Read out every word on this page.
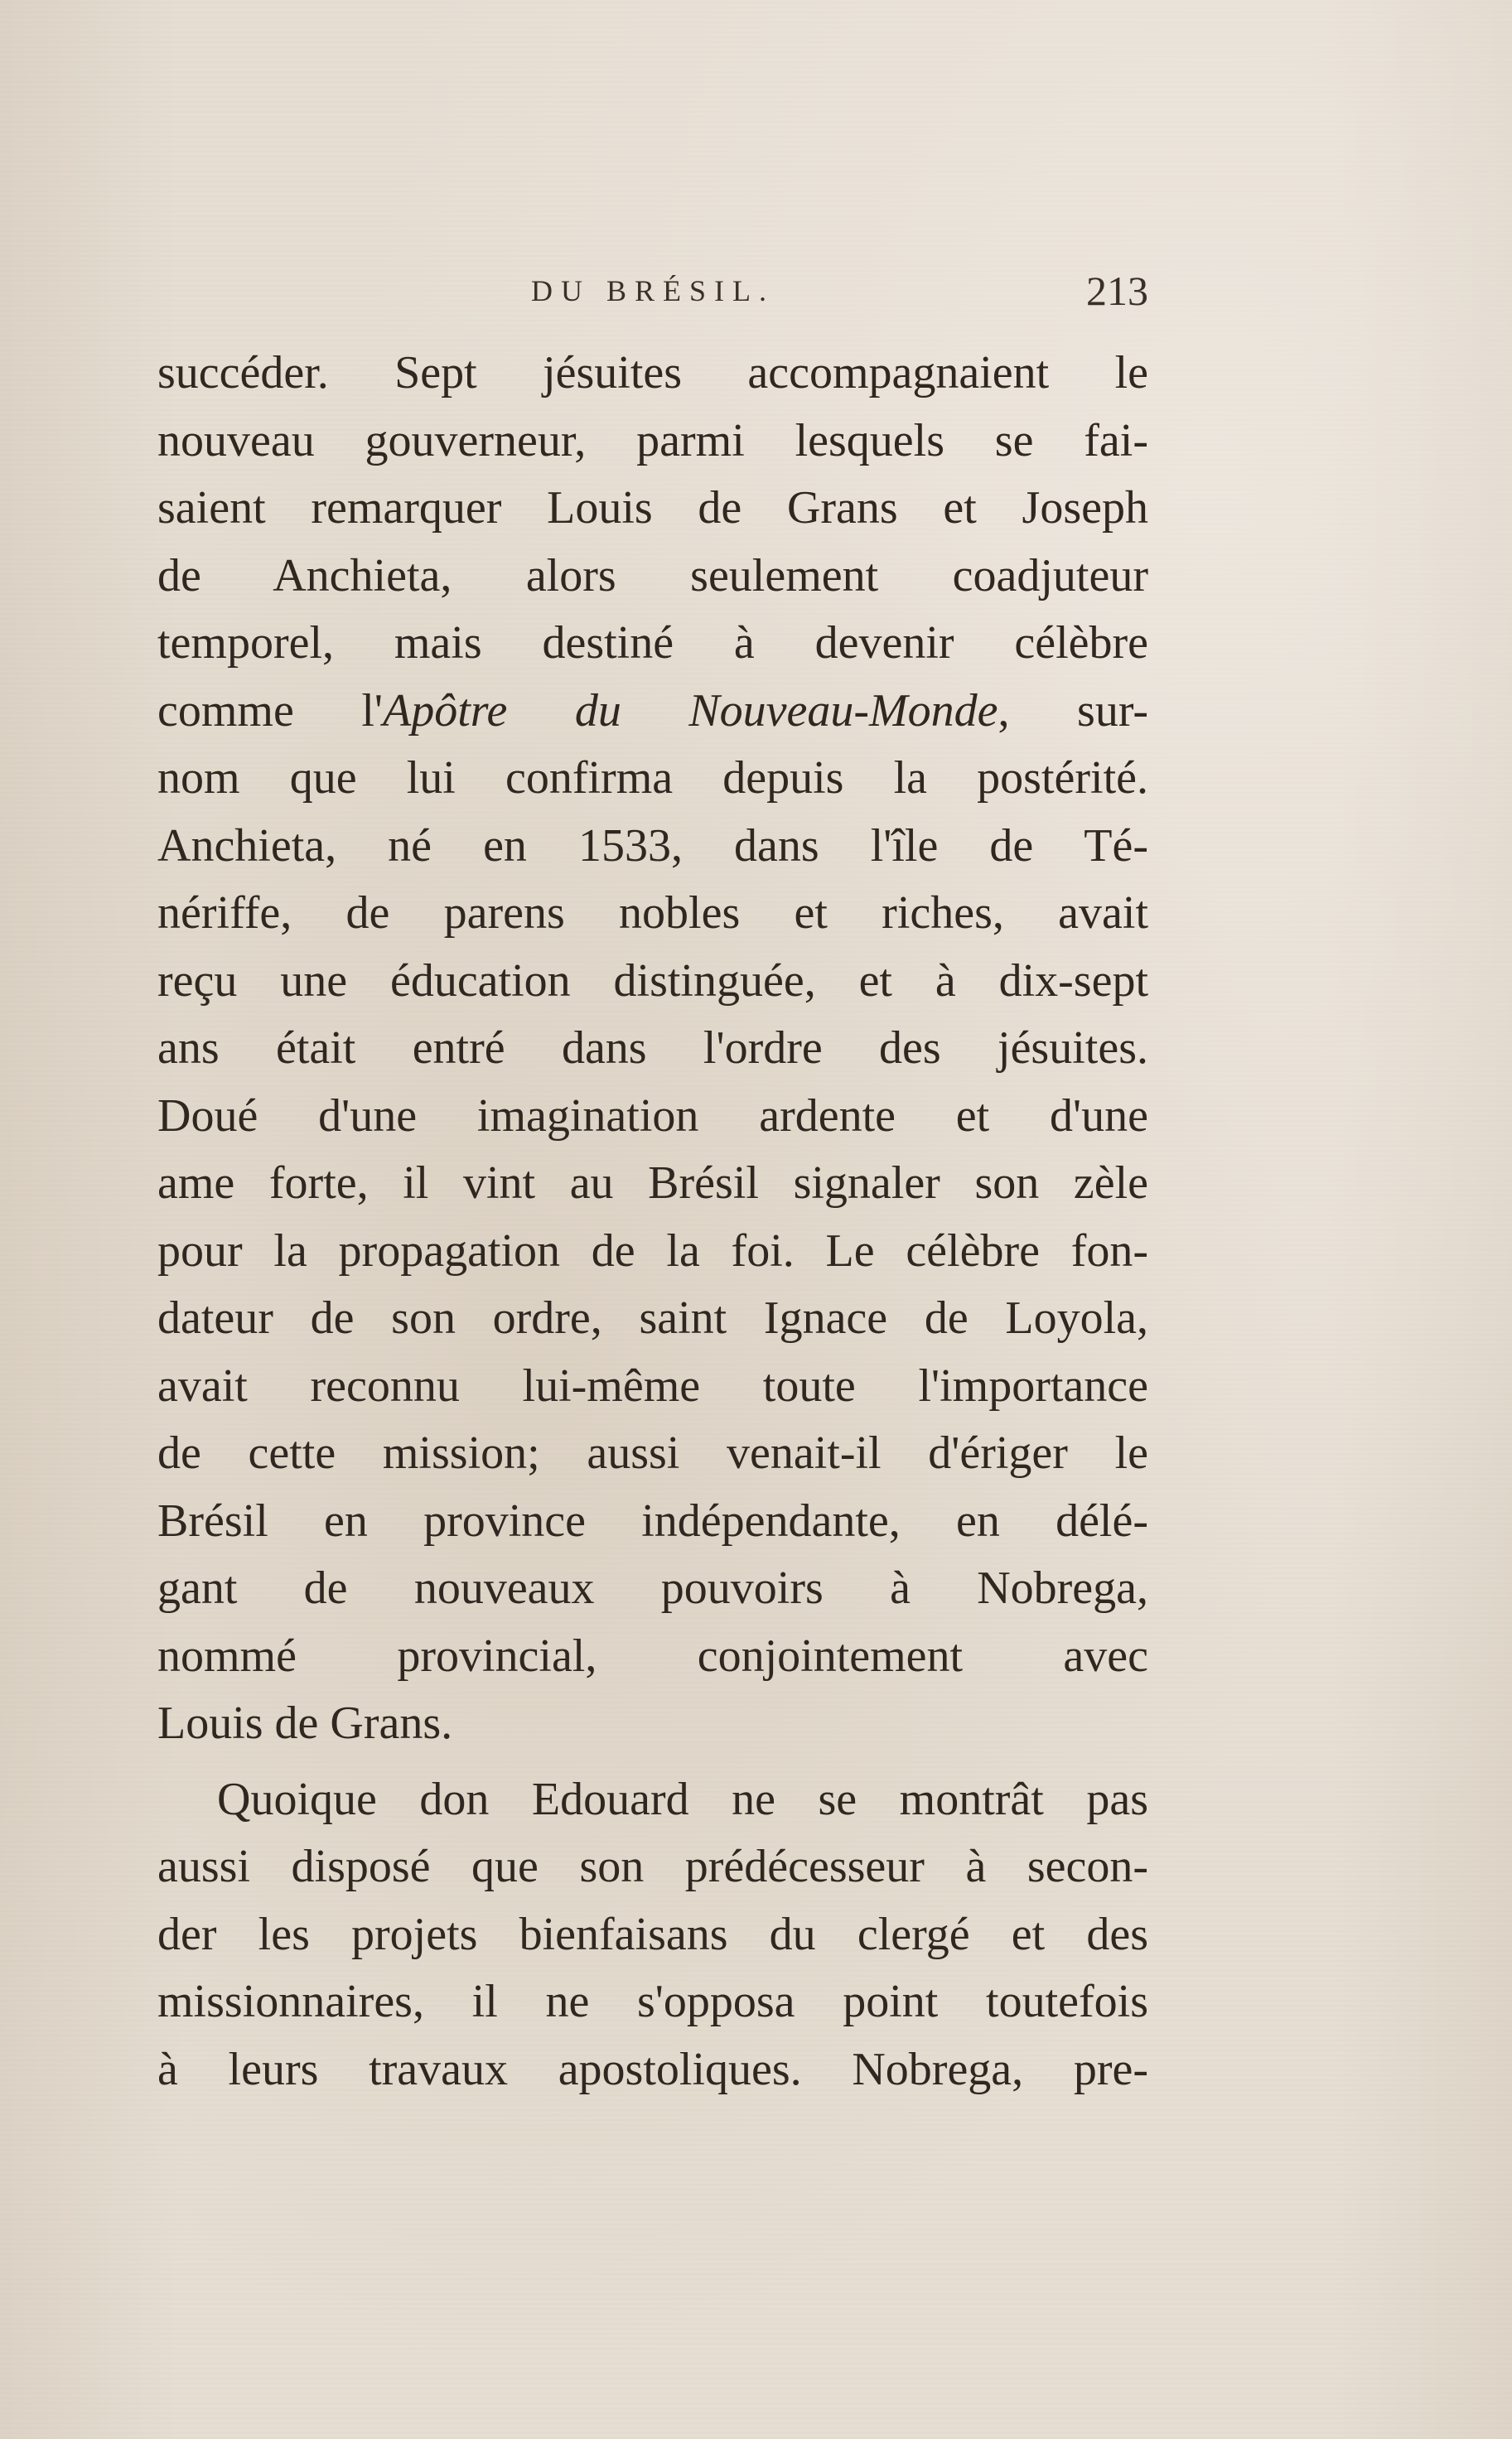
DU BRÉSIL.	213
succéder. Sept jésuites accompagnaient le
nouveau gouverneur, parmi lesquels se fai-
saient remarquer Louis de Grans et Joseph
de Anchieta, alors seulement coadjuteur
temporel, mais destiné à devenir célèbre
comme l'Apôtre du Nouveau-Monde, sur-
nom que lui confirma depuis la postérité.
Anchieta, né en 1533, dans l'île de Té-
nériffe, de parens nobles et riches, avait
reçu une éducation distinguée, et à dix-sept
ans était entré dans l'ordre des jésuites.
Doué d'une imagination ardente et d'une
ame forte, il vint au Brésil signaler son zèle
pour la propagation de la foi. Le célèbre fon-
dateur de son ordre, saint Ignace de Loyola,
avait reconnu lui-même toute l'importance
de cette mission; aussi venait-il d'ériger le
Brésil en province indépendante, en délé-
gant de nouveaux pouvoirs à Nobrega,
nommé provincial, conjointement avec
Louis de Grans.
Quoique don Edouard ne se montrât pas
aussi disposé que son prédécesseur à secon-
der les projets bienfaisans du clergé et des
missionnaires, il ne s'opposa point toutefois
à leurs travaux apostoliques. Nobrega, pre-
